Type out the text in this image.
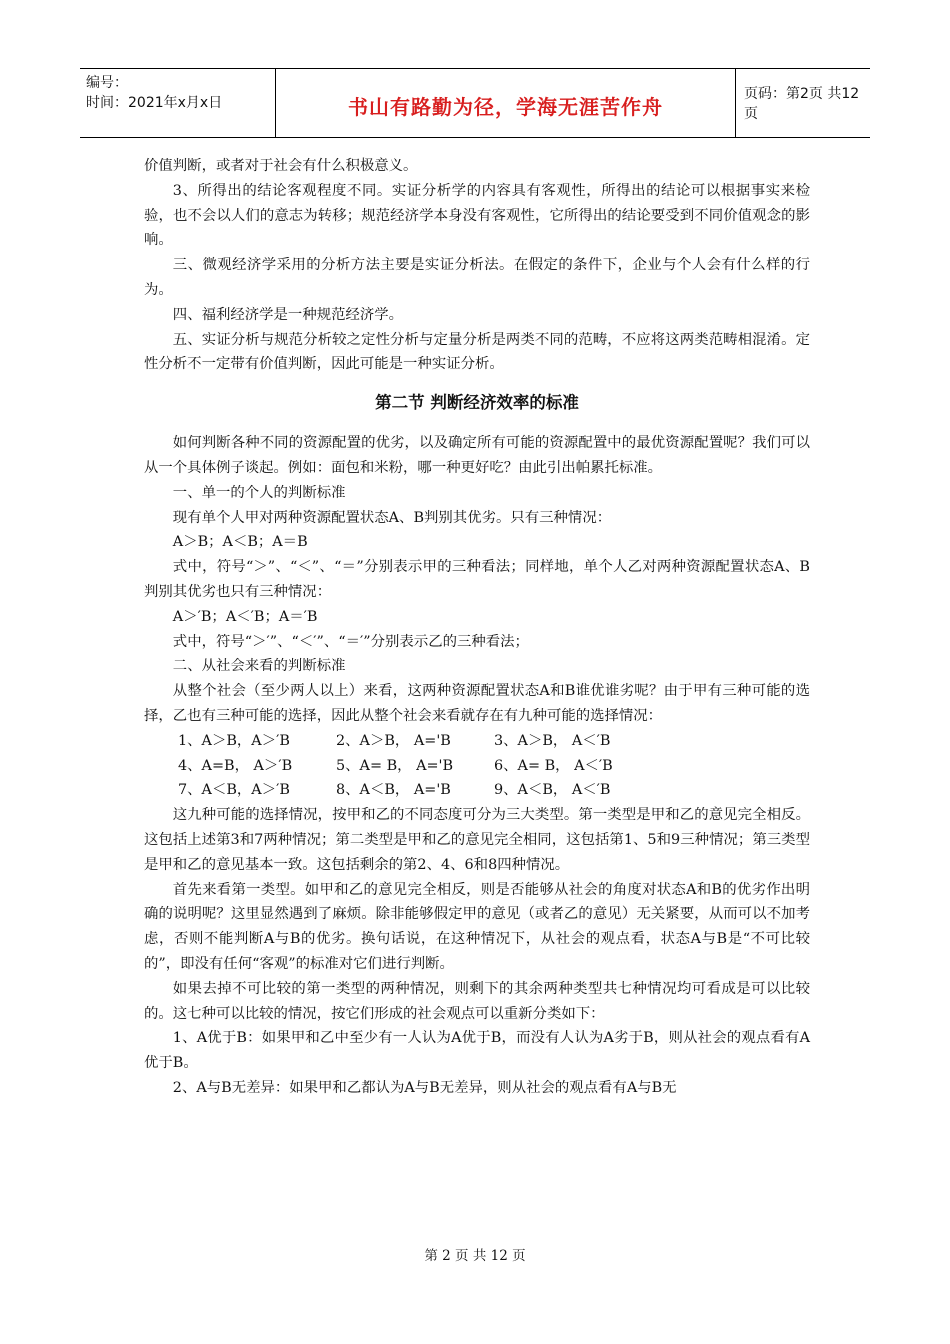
编号：
时间：2021年x月x日	书山有路勤为径，学海无涯苦作舟
页码：第2页 共12页

价值判断，或者对于社会有什么积极意义。

3、所得出的结论客观程度不同。实证分析学的内容具有客观性，所得出的结论可以根据事实来检验，也不会以人们的意志为转移；规范经济学本身没有客观性，它所得出的结论要受到不同价值观念的影响。

三、微观经济学采用的分析方法主要是实证分析法。在假定的条件下，企业与个人会有什么样的行为。

四、福利经济学是一种规范经济学。

五、实证分析与规范分析较之定性分析与定量分析是两类不同的范畴，不应将这两类范畴相混淆。定性分析不一定带有价值判断，因此可能是一种实证分析。

第二节 判断经济效率的标准

如何判断各种不同的资源配置的优劣，以及确定所有可能的资源配置中的最优资源配置呢？我们可以从一个具体例子谈起。例如：面包和米粉，哪一种更好吃？由此引出帕累托标准。

一、单一的个人的判断标准

现有单个人甲对两种资源配置状态A、B判别其优劣。只有三种情况：

A＞B；A＜B；A＝B

式中，符号“＞”、“＜”、“＝”分别表示甲的三种看法；同样地，单个人乙对两种资源配置状态A、B判别其优劣也只有三种情况：

A＞′B；A＜′B；A＝′B

式中，符号“＞′”、“＜′”、“＝′”分别表示乙的三种看法；

二、从社会来看的判断标准

从整个社会（至少两人以上）来看，这两种资源配置状态A和B谁优谁劣呢？由于甲有三种可能的选择，乙也有三种可能的选择，因此从整个社会来看就存在有九种可能的选择情况：

1、A＞B，A＞′B	2、A＞B， A='B	3、A＞B， A＜′B
4、A=B， A＞′B	5、A= B， A='B	6、A= B， A＜′B
7、A＜B，A＞′B	8、A＜B， A='B	9、A＜B， A＜′B

这九种可能的选择情况，按甲和乙的不同态度可分为三大类型。第一类型是甲和乙的意见完全相反。这包括上述第3和7两种情况；第二类型是甲和乙的意见完全相同，这包括第1、5和9三种情况；第三类型是甲和乙的意见基本一致。这包括剩余的第2、4、6和8四种情况。

首先来看第一类型。如甲和乙的意见完全相反，则是否能够从社会的角度对状态A和B的优劣作出明确的说明呢？这里显然遇到了麻烦。除非能够假定甲的意见（或者乙的意见）无关紧要，从而可以不加考虑，否则不能判断A与B的优劣。换句话说，在这种情况下，从社会的观点看，状态A与B是“不可比较的”，即没有任何“客观”的标准对它们进行判断。

如果去掉不可比较的第一类型的两种情况，则剩下的其余两种类型共七种情况均可看成是可以比较的。这七种可以比较的情况，按它们形成的社会观点可以重新分类如下：

1、A优于B：如果甲和乙中至少有一人认为A优于B，而没有人认为A劣于B，则从社会的观点看有A优于B。

2、A与B无差异：如果甲和乙都认为A与B无差异，则从社会的观点看有A与B无

第 2 页 共 12 页
